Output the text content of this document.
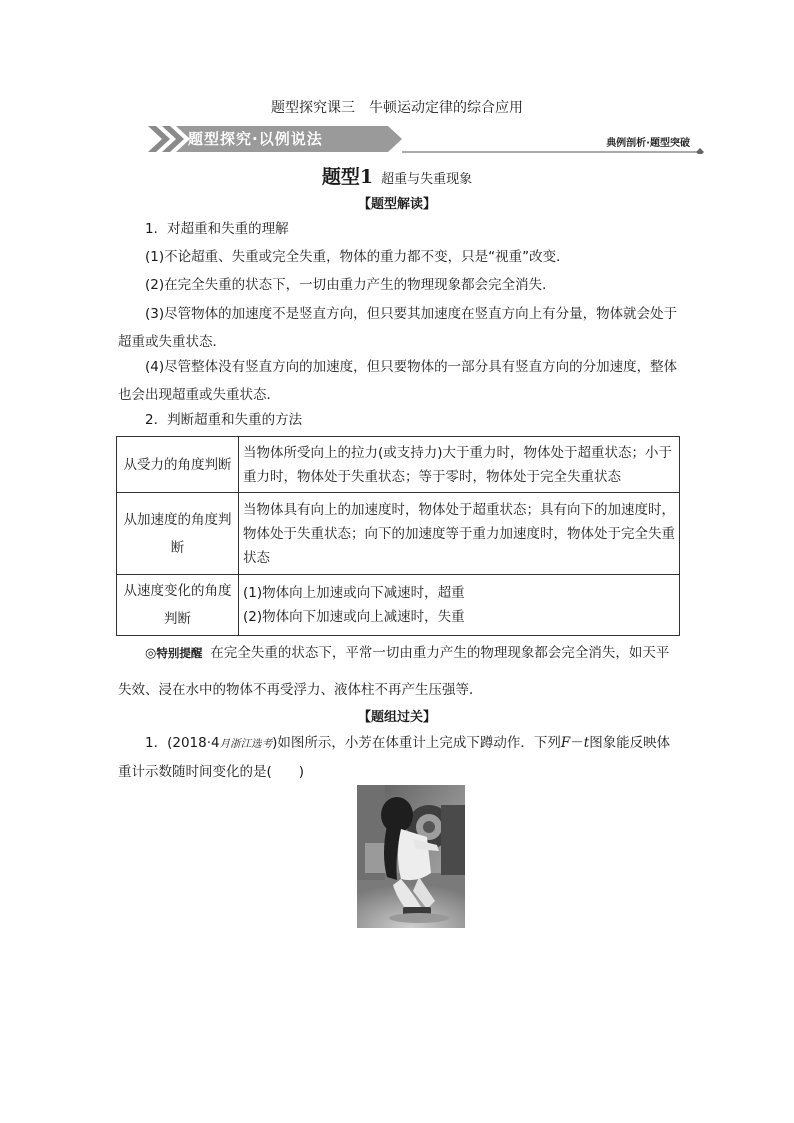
题型探究课三　牛顿运动定律的综合应用
题型探究·以例说法	典例剖析·题型突破
题型1 超重与失重现象
【题型解读】

1．对超重和失重的理解

(1)不论超重、失重或完全失重，物体的重力都不变，只是“视重”改变．

(2)在完全失重的状态下，一切由重力产生的物理现象都会完全消失．

(3)尽管物体的加速度不是竖直方向，但只要其加速度在竖直方向上有分量，物体就会处于超重或失重状态．

(4)尽管整体没有竖直方向的加速度，但只要物体的一部分具有竖直方向的分加速度，整体也会出现超重或失重状态．

2．判断超重和失重的方法

从受力的角度判断	当物体所受向上的拉力(或支持力)大于重力时，物体处于超重状态；小于重力时，物体处于失重状态；等于零时，物体处于完全失重状态
从加速度的角度判断	当物体具有向上的加速度时，物体处于超重状态；具有向下的加速度时，物体处于失重状态；向下的加速度等于重力加速度时，物体处于完全失重状态
从速度变化的角度判断	(1)物体向上加速或向下减速时，超重
(2)物体向下加速或向上减速时，失重

◎特别提醒 在完全失重的状态下，平常一切由重力产生的物理现象都会完全消失，如天平失效、浸在水中的物体不再受浮力、液体柱不再产生压强等．

【题组过关】

1．(2018·4月浙江选考)如图所示，小芳在体重计上完成下蹲动作．下列F－t图象能反映体重计示数随时间变化的是(　　)
